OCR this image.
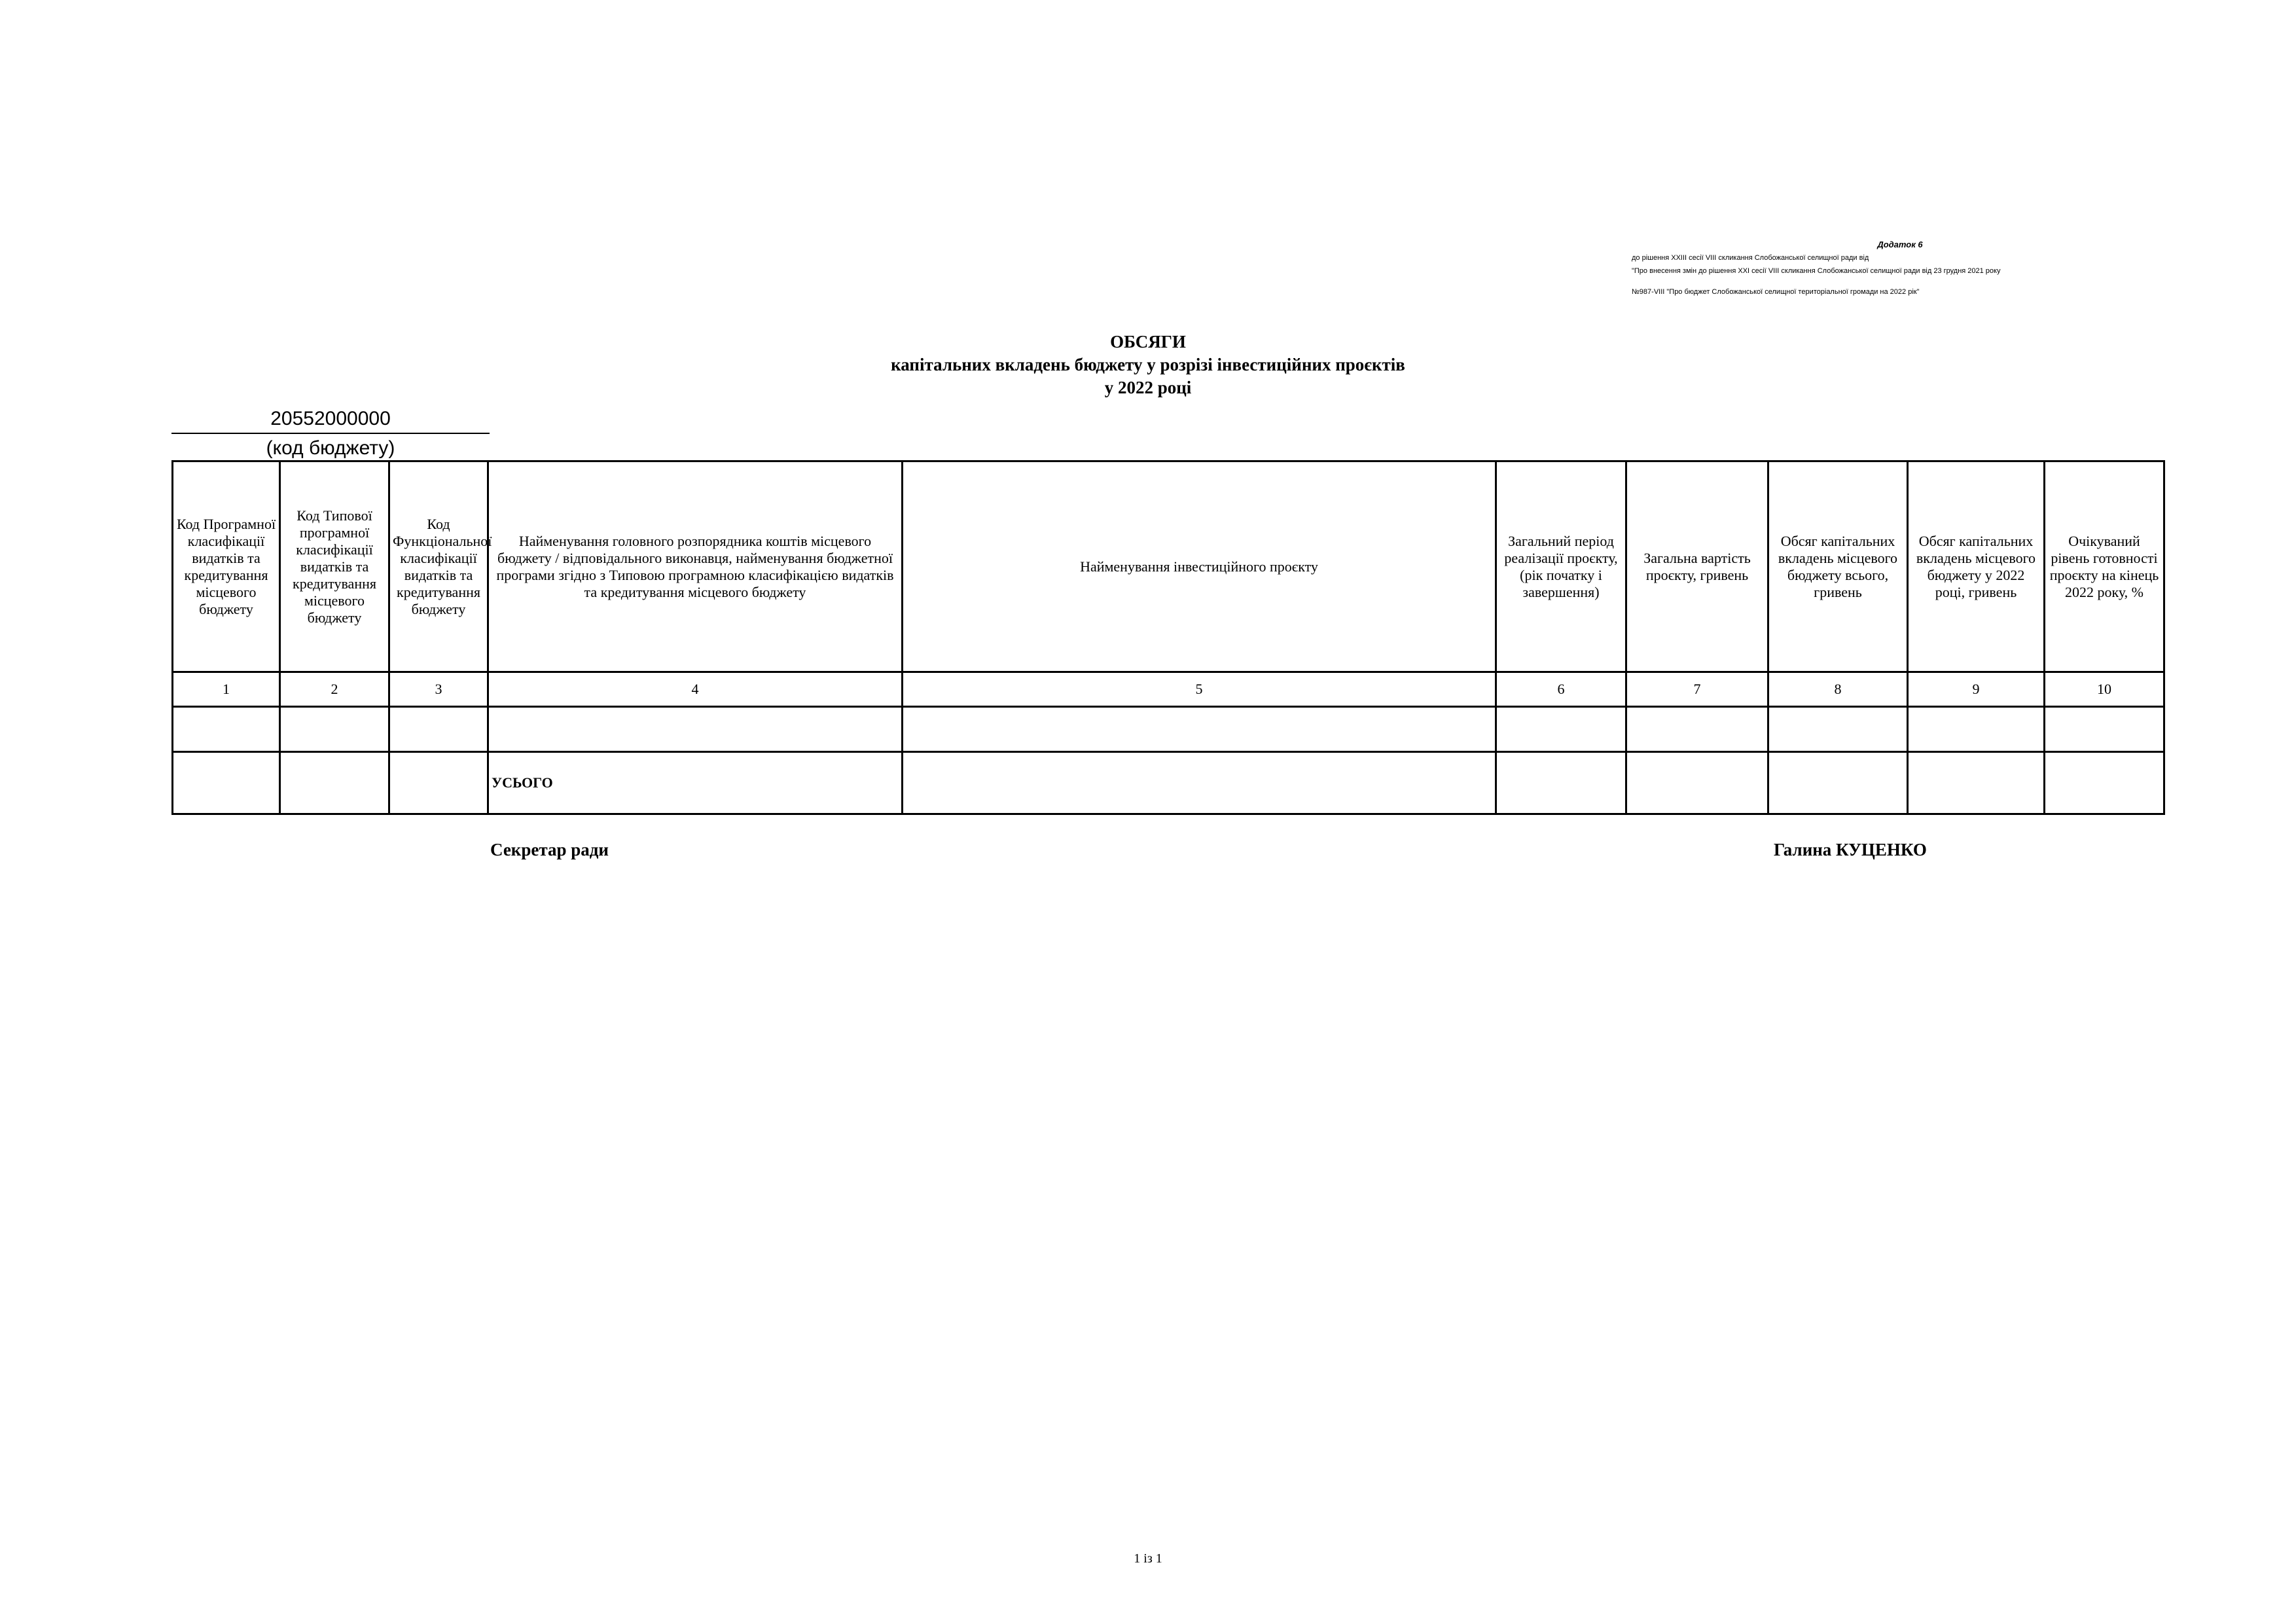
Додаток 6
до рішення XXIII сесії VIII скликання Слобожанської селищної ради від
"Про внесення змін до рішення XXI сесії VIII скликання Слобожанської селищної ради від 23 грудня 2021 року
№987-VIII "Про бюджет Слобожанської селищної територіальної громади на 2022 рік"
ОБСЯГИ
капітальних вкладень бюджету у розрізі інвестиційних проєктів
у 2022 році
20552000000
(код бюджету)
Код Програмної класифікації видатків та кредитування місцевого бюджету	Код Типової програмної класифікації видатків та кредитування місцевого бюджету	Код Функціональної класифікації видатків та кредитування бюджету	Найменування головного розпорядника коштів місцевого бюджету / відповідального виконавця, найменування бюджетної програми згідно з Типовою програмною класифікацією видатків та кредитування місцевого бюджету	Найменування інвестиційного проєкту	Загальний період реалізації проєкту, (рік початку і завершення)	Загальна вартість проєкту, гривень	Обсяг капітальних вкладень місцевого бюджету всього, гривень	Обсяг капітальних вкладень місцевого бюджету у 2022 році, гривень	Очікуваний рівень готовності проєкту на кінець 2022 року, %
1	2	3	4	5	6	7	8	9	10

			УСЬОГО						
Секретар ради	Галина КУЦЕНКО
1 із 1
